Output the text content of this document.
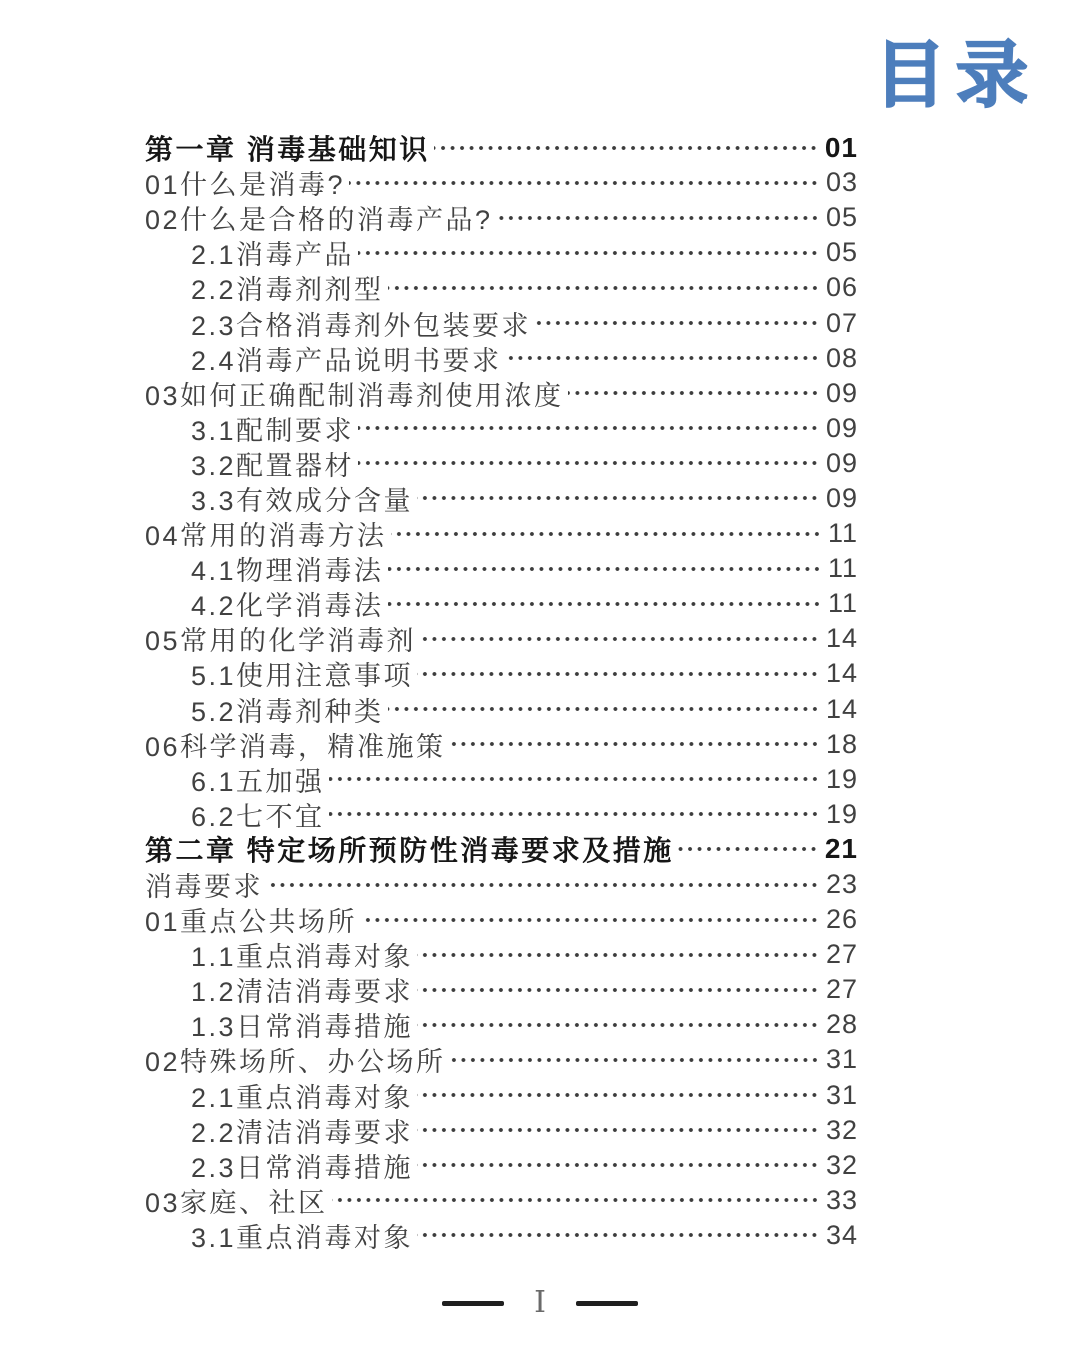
目录
第一章 消毒基础知识	01
01什么是消毒?	03
02什么是合格的消毒产品?	05
2.1消毒产品	05
2.2消毒剂剂型	06
2.3合格消毒剂外包装要求	07
2.4消毒产品说明书要求	08
03如何正确配制消毒剂使用浓度	09
3.1配制要求	09
3.2配置器材	09
3.3有效成分含量	09
04常用的消毒方法	11
4.1物理消毒法	11
4.2化学消毒法	11
05常用的化学消毒剂	14
5.1使用注意事项	14
5.2消毒剂种类	14
06科学消毒，精准施策	18
6.1五加强	19
6.2七不宜	19
第二章 特定场所预防性消毒要求及措施	21
消毒要求	23
01重点公共场所	26
1.1重点消毒对象	27
1.2清洁消毒要求	27
1.3日常消毒措施	28
02特殊场所、办公场所	31
2.1重点消毒对象	31
2.2清洁消毒要求	32
2.3日常消毒措施	32
03家庭、社区	33
3.1重点消毒对象	34
Ⅰ
